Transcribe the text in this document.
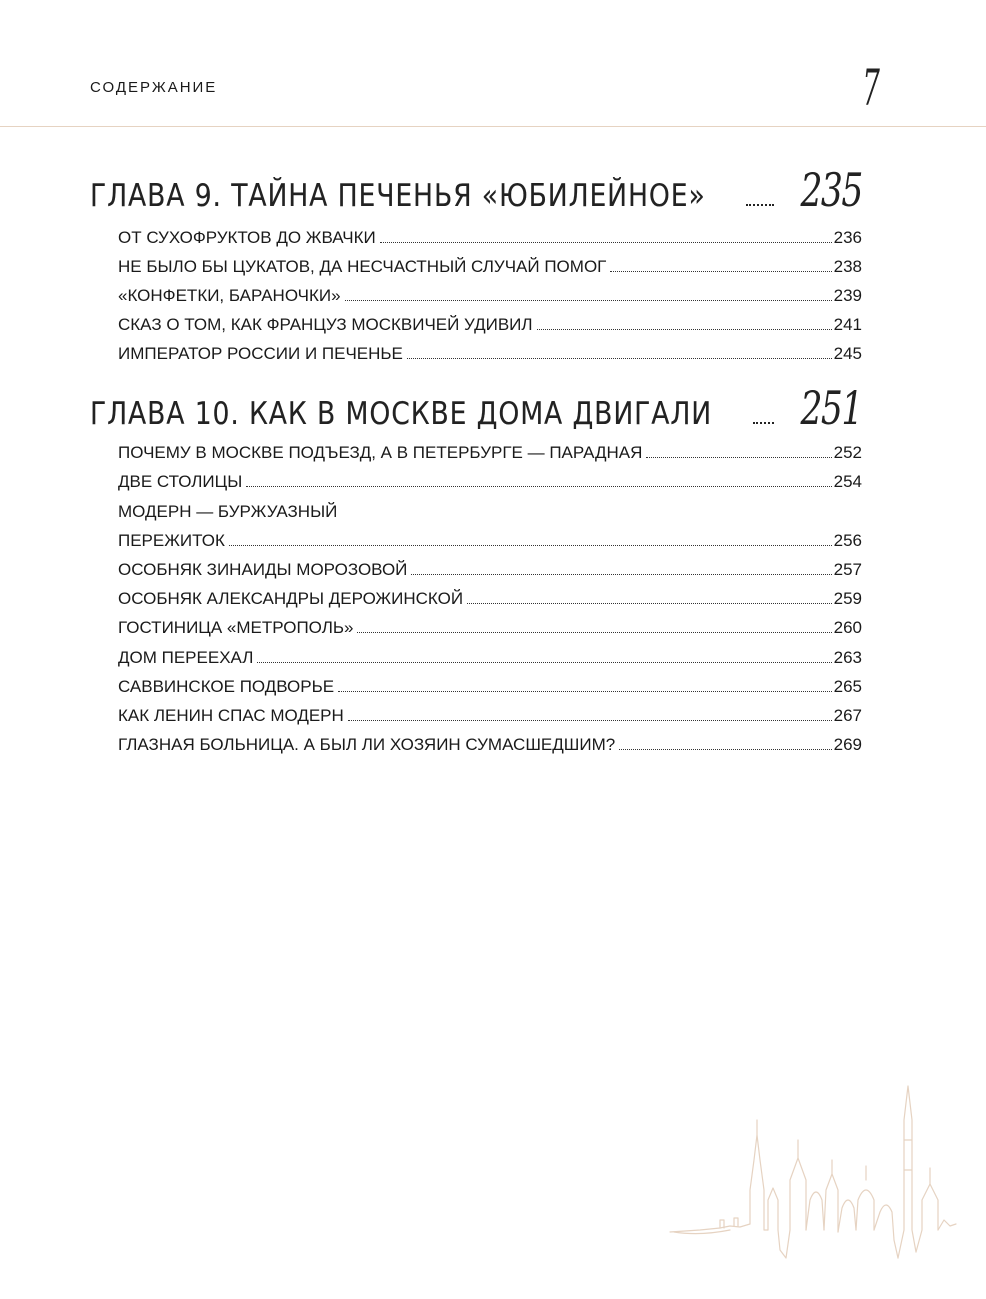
СОДЕРЖАНИЕ	7
ГЛАВА 9. ТАЙНА ПЕЧЕНЬЯ «ЮБИЛЕЙНОЕ» 235
ОТ СУХОФРУКТОВ ДО ЖВАЧКИ	236
НЕ БЫЛО БЫ ЦУКАТОВ, ДА НЕСЧАСТНЫЙ СЛУЧАЙ ПОМОГ	238
«КОНФЕТКИ, БАРАНОЧКИ»	239
СКАЗ О ТОМ, КАК ФРАНЦУЗ МОСКВИЧЕЙ УДИВИЛ	241
ИМПЕРАТОР РОССИИ И ПЕЧЕНЬЕ	245
ГЛАВА 10. КАК В МОСКВЕ ДОМА ДВИГАЛИ 251
ПОЧЕМУ В МОСКВЕ ПОДЪЕЗД, А В ПЕТЕРБУРГЕ — ПАРАДНАЯ	252
ДВЕ СТОЛИЦЫ	254
МОДЕРН — БУРЖУАЗНЫЙ
ПЕРЕЖИТОК	256
ОСОБНЯК ЗИНАИДЫ МОРОЗОВОЙ	257
ОСОБНЯК АЛЕКСАНДРЫ ДЕРОЖИНСКОЙ	259
ГОСТИНИЦА «МЕТРОПОЛЬ»	260
ДОМ ПЕРЕЕХАЛ	263
САВВИНСКОЕ ПОДВОРЬЕ	265
КАК ЛЕНИН СПАС МОДЕРН	267
ГЛАЗНАЯ БОЛЬНИЦА. А БЫЛ ЛИ ХОЗЯИН СУМАСШЕДШИМ?	269
